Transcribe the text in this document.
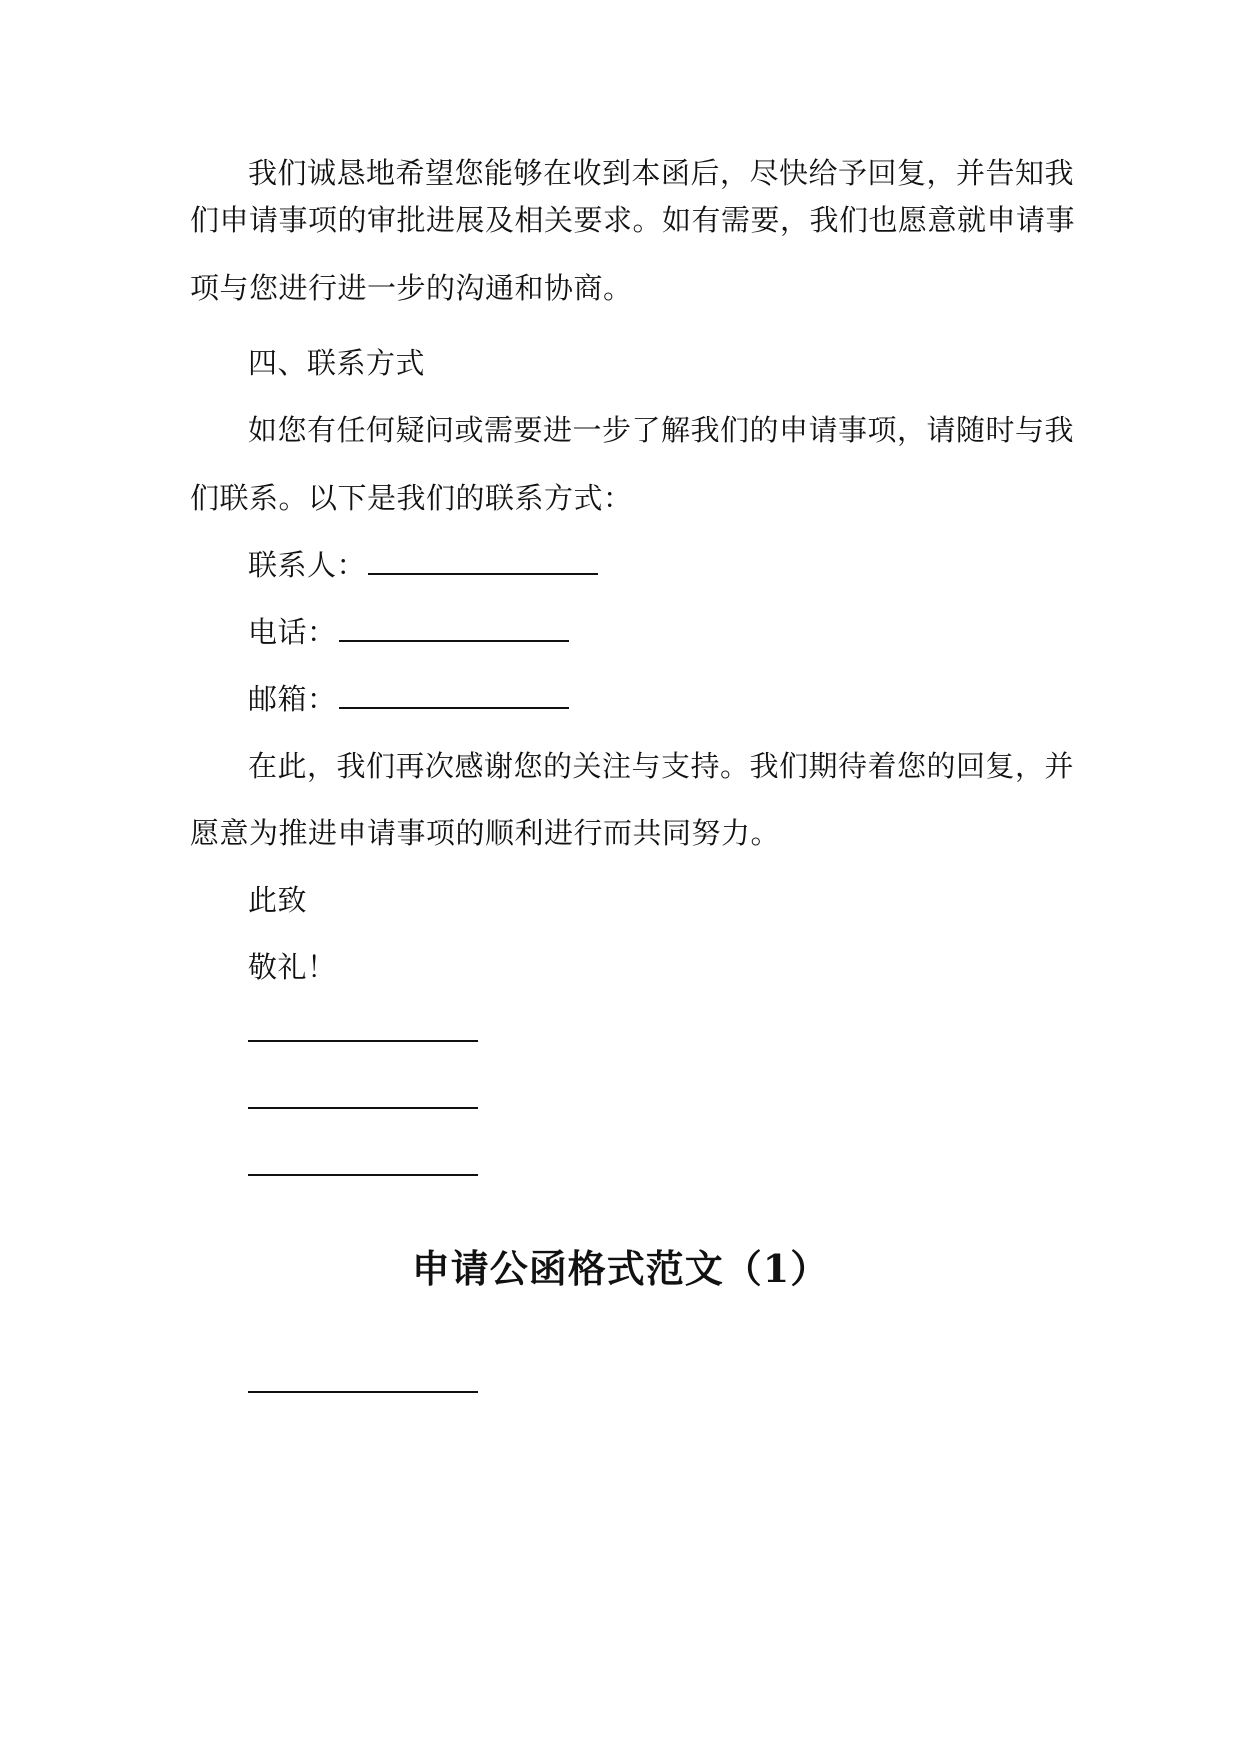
我们诚恳地希望您能够在收到本函后，尽快给予回复，并告知我
们申请事项的审批进展及相关要求。如有需要，我们也愿意就申请事
项与您进行进一步的沟通和协商。
四、联系方式
如您有任何疑问或需要进一步了解我们的申请事项，请随时与我
们联系。以下是我们的联系方式：
联系人：
电话：
邮箱：
在此，我们再次感谢您的关注与支持。我们期待着您的回复，并
愿意为推进申请事项的顺利进行而共同努力。
此致
敬礼！
申请公函格式范文（1）
